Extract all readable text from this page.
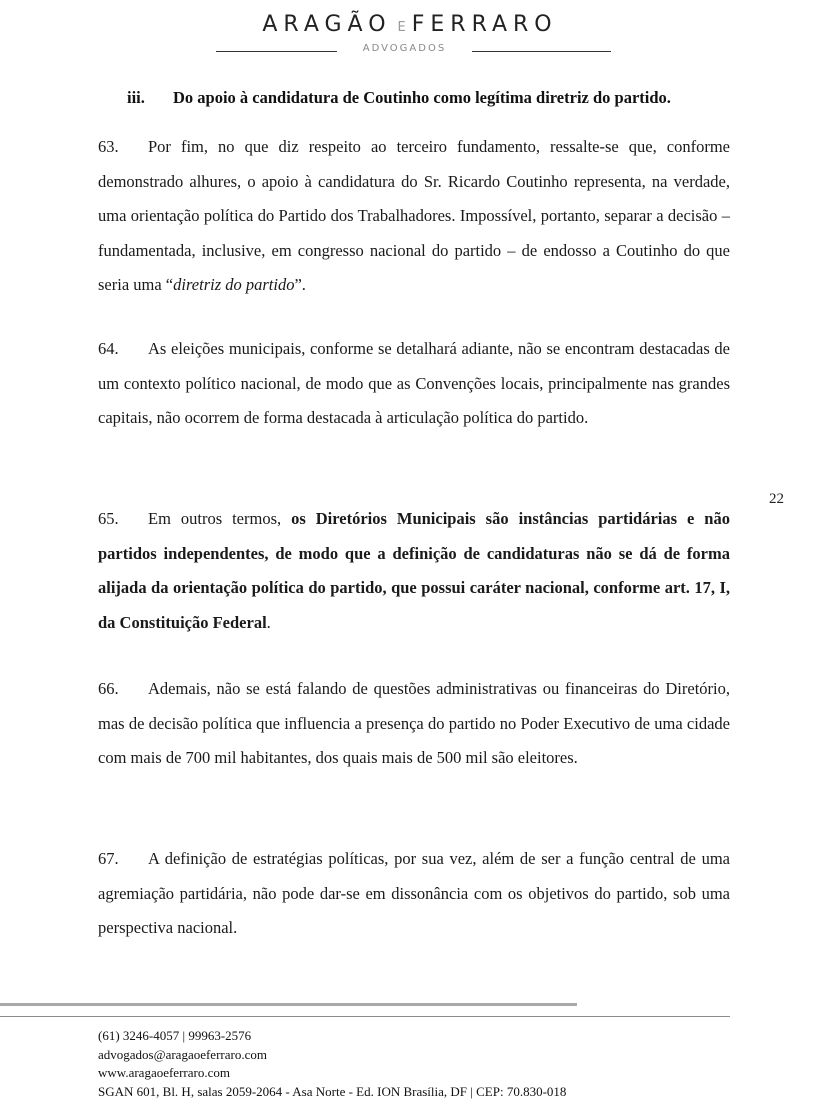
ARAGÃO E FERRARO
ADVOGADOS
iii. Do apoio à candidatura de Coutinho como legítima diretriz do partido.

63. Por fim, no que diz respeito ao terceiro fundamento, ressalte-se que, conforme demonstrado alhures, o apoio à candidatura do Sr. Ricardo Coutinho representa, na verdade, uma orientação política do Partido dos Trabalhadores. Impossível, portanto, separar a decisão – fundamentada, inclusive, em congresso nacional do partido – de endosso a Coutinho do que seria uma “diretriz do partido”.

64. As eleições municipais, conforme se detalhará adiante, não se encontram destacadas de um contexto político nacional, de modo que as Convenções locais, principalmente nas grandes capitais, não ocorrem de forma destacada à articulação política do partido.

65. Em outros termos, os Diretórios Municipais são instâncias partidárias e não partidos independentes, de modo que a definição de candidaturas não se dá de forma alijada da orientação política do partido, que possui caráter nacional, conforme art. 17, I, da Constituição Federal.

66. Ademais, não se está falando de questões administrativas ou financeiras do Diretório, mas de decisão política que influencia a presença do partido no Poder Executivo de uma cidade com mais de 700 mil habitantes, dos quais mais de 500 mil são eleitores.

67. A definição de estratégias políticas, por sua vez, além de ser a função central de uma agremiação partidária, não pode dar-se em dissonância com os objetivos do partido, sob uma perspectiva nacional.

22
(61) 3246-4057 | 99963-2576
advogados@aragaoeferraro.com
www.aragaoeferraro.com
SGAN 601, Bl. H, salas 2059-2064 - Asa Norte - Ed. ION Brasília, DF | CEP: 70.830-018
